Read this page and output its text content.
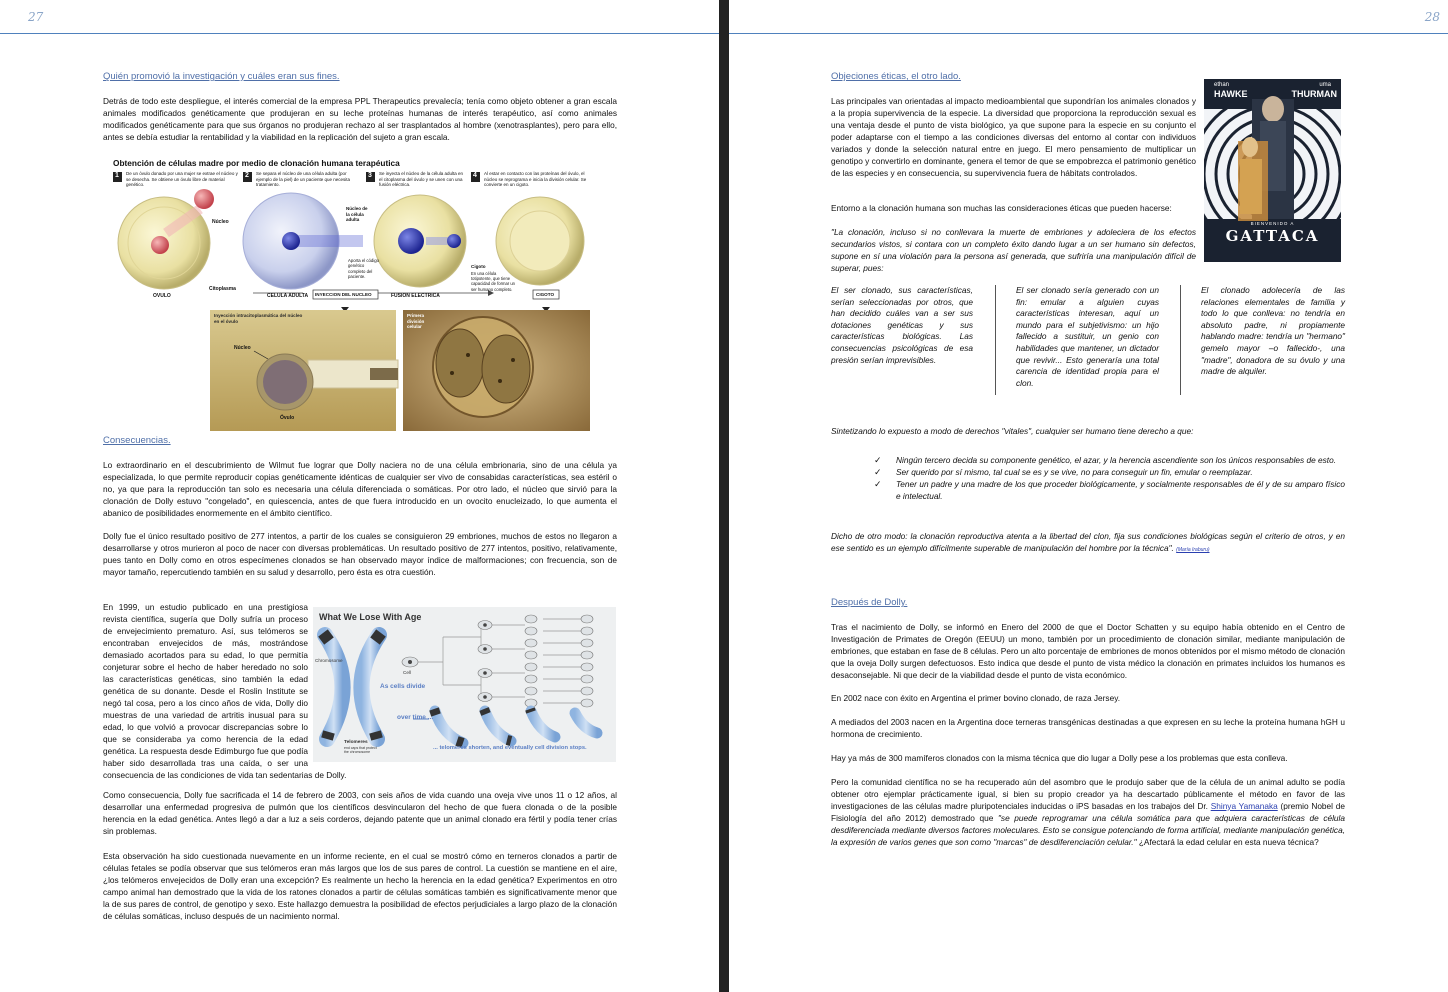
27

Quién promovió la investigación y cuáles eran sus fines.

Detrás de todo este despliegue, el interés comercial de la empresa PPL Therapeutics prevalecía; tenía como objeto obtener a gran escala animales modificados genéticamente que produjeran en su leche proteínas humanas de interés terapéutico, así como animales modificados genéticamente para que sus órganos no produjeran rechazo al ser trasplantados al hombre (xenotrasplantes), pero para ello, antes se debía estudiar la rentabilidad y la viabilidad en la replicación del sujeto a gran escala.

Obtención de células madre por medio de clonación humana terapéutica
1	2	3	4
De un óvulo donado por una mujer se extrae el núcleo y se desecha. Se obtiene un óvulo libre de material genético.
Se separa el núcleo de una célula adulta (por ejemplo de la piel) de un paciente que necesita tratamiento.
Se inyecta el núcleo de la célula adulta en el citoplasma del óvulo y se unen con una fusión eléctrica.
Al estar en contacto con las proteínas del óvulo, el núcleo se reprograma e inicia la división celular. Se convierte en un cigoto.
Núcleo
Citoplasma
OVULO	CELULA ADULTA
Núcleo de la célula adulta
Aporta el código genético completo del paciente.
INYECCION DEL NUCLEO	FUSION ELECTRICA
Cigoto
En una célula totipotente, que tiene capacidad de formar un ser humano completo.
CIGOTO
Inyección intracitoplasmática del núcleo en el óvulo
Núcleo
Óvulo
Primera división celular

Consecuencias.

Lo extraordinario en el descubrimiento de Wilmut fue lograr que Dolly naciera no de una célula embrionaria, sino de una célula ya especializada, lo que permite reproducir copias genéticamente idénticas de cualquier ser vivo de consabidas características, sea estéril o no, ya que para la reproducción tan solo es necesaria una célula diferenciada o somáticas. Por otro lado, el núcleo que sirvió para la clonación de Dolly estuvo "congelado", en quiescencia, antes de que fuera introducido en un ovocito enucleizado, lo que aumenta el abanico de posibilidades enormemente en el ámbito científico.

Dolly fue el único resultado positivo de 277 intentos, a partir de los cuales se consiguieron 29 embriones, muchos de estos no llegaron a desarrollarse y otros murieron al poco de nacer con diversas problemáticas. Un resultado positivo de 277 intentos, positivo, relativamente, pues tanto en Dolly como en otros especímenes clonados se han observado mayor índice de malformaciones; con frecuencia, son de mayor tamaño, repercutiendo también en su salud y desarrollo, pero ésta es otra cuestión.

What We Lose With Age
Chromosome
Cell
As cells divide
over time ...
Telomeres
end caps that protect the chromosome
... telomeres shorten, and eventually cell division stops.
En 1999, un estudio publicado en una prestigiosa revista científica, sugería que Dolly sufría un proceso de envejecimiento prematuro. Así, sus telómeros se encontraban envejecidos de más, mostrándose demasiado acortados para su edad, lo que permitía conjeturar sobre el hecho de haber heredado no solo las características genéticas, sino también la edad genética de su donante. Desde el Roslin Institute se negó tal cosa, pero a los cinco años de vida, Dolly dio muestras de una variedad de artritis inusual para su edad, lo que volvió a provocar discrepancias sobre lo que se consideraba ya como herencia de la edad genética. La respuesta desde Edimburgo fue que podía haber sido desarrollada tras una caída, o ser una consecuencia de las condiciones de vida tan sedentarias de Dolly.

Como consecuencia, Dolly fue sacrificada el 14 de febrero de 2003, con seis años de vida cuando una oveja vive unos 11 o 12 años, al desarrollar una enfermedad progresiva de pulmón que los científicos desvincularon del hecho de que fuera clonada o de la posible herencia en la edad genética. Antes llegó a dar a luz a seis corderos, dejando patente que un animal clonado era fértil y podía tener crías sin problemas.

Esta observación ha sido cuestionada nuevamente en un informe reciente, en el cual se mostró cómo en terneros clonados a partir de células fetales se podía observar que sus telómeros eran más largos que los de sus pares de control. La cuestión se mantiene en el aire, ¿los telómeros envejecidos de Dolly eran una excepción? Es realmente un hecho la herencia en la edad genética? Experimentos en otro campo animal han demostrado que la vida de los ratones clonados a partir de células somáticas también es significativamente menor que la de sus pares de control, de genotipo y sexo. Este hallazgo demuestra la posibilidad de efectos perjudiciales a largo plazo de la clonación de células somáticas, incluso después de un nacimiento normal.

28

Objeciones éticas, el otro lado.

ethan
HAWKE
uma
THURMAN
BIENVENIDO A
GATTACA

Las principales van orientadas al impacto medioambiental que supondrían los animales clonados y a la propia supervivencia de la especie. La diversidad que proporciona la reproducción sexual es una ventaja desde el punto de vista biológico, ya que supone para la especie en su conjunto el poder adaptarse con el tiempo a las condiciones diversas del entorno al contar con individuos variados y donde la selección natural entre en juego. El mero pensamiento de multiplicar un genotipo y convertirlo en dominante, genera el temor de que se empobrezca el patrimonio genético de las especies y en consecuencia, su supervivencia fuera de hábitats controlados.

Entorno a la clonación humana son muchas las consideraciones éticas que pueden hacerse:

"La clonación, incluso si no conllevara la muerte de embriones y adoleciera de los efectos secundarios vistos, si contara con un completo éxito dando lugar a un ser humano sin defectos, supone en sí una violación para la persona así generada, que sufriría una manipulación difícil de superar, pues:

El ser clonado, sus características, serían seleccionadas por otros, que han decidido cuáles van a ser sus dotaciones genéticas y sus características biológicas. Las consecuencias psicológicas de esa presión serían imprevisibles.
El ser clonado sería generado con un fin: emular a alguien cuyas características interesan, aquí un mundo para el subjetivismo: un hijo fallecido a sustituir, un genio con habilidades que mantener, un dictador que revivir... Esto generaría una total carencia de identidad propia para el clon.
El clonado adolecería de las relaciones elementales de familia y todo lo que conlleva: no tendría en absoluto padre, ni propiamente hablando madre: tendría un "hermano" gemelo mayor –o fallecido-, una "madre", donadora de su óvulo y una madre de alquiler.

Sintetizando lo expuesto a modo de derechos "vitales", cualquier ser humano tiene derecho a que:

✓ Ningún tercero decida su componente genético, el azar, y la herencia ascendiente son los únicos responsables de esto.
✓ Ser querido por sí mismo, tal cual se es y se vive, no para conseguir un fin, emular o reemplazar.
✓ Tener un padre y una madre de los que proceder biológicamente, y socialmente responsables de él y de su amparo físico e intelectual.

Dicho de otro modo: la clonación reproductiva atenta a la libertad del clon, fija sus condiciones biológicas según el criterio de otros, y en ese sentido es un ejemplo difícilmente superable de manipulación del hombre por la técnica". (María Iraburu)

Después de Dolly.

Tras el nacimiento de Dolly, se informó en Enero del 2000 de que el Doctor Schatten y su equipo había obtenido en el Centro de Investigación de Primates de Oregón (EEUU) un mono, también por un procedimiento de clonación similar, mediante manipulación de embriones, que estaban en fase de 8 células. Pero un alto porcentaje de embriones de monos obtenidos por el mismo método de clonación que la oveja Dolly surgen defectuosos. Esto indica que desde el punto de vista médico la clonación en primates incluidos los humanos es desaconsejable. Ni que decir de la viabilidad desde el punto de vista económico.

En 2002 nace con éxito en Argentina el primer bovino clonado, de raza Jersey.

A mediados del 2003 nacen en la Argentina doce terneras transgénicas destinadas a que expresen en su leche la proteína humana hGH u hormona de crecimiento.

Hay ya más de 300 mamíferos clonados con la misma técnica que dio lugar a Dolly pese a los problemas que esta conlleva.

Pero la comunidad científica no se ha recuperado aún del asombro que le produjo saber que de la célula de un animal adulto se podía obtener otro ejemplar prácticamente igual, si bien su propio creador ya ha descartado públicamente el método en favor de las investigaciones de las células madre pluripotenciales inducidas o iPS basadas en los trabajos del Dr. Shinya Yamanaka (premio Nobel de Fisiología del año 2012) demostrado que "se puede reprogramar una célula somática para que adquiera características de célula desdiferenciada mediante diversos factores moleculares. Esto se consigue potenciando de forma artificial, mediante manipulación genética, la expresión de varios genes que son como "marcas" de desdiferenciación celular." ¿Afectará la edad celular en esta nueva técnica?
